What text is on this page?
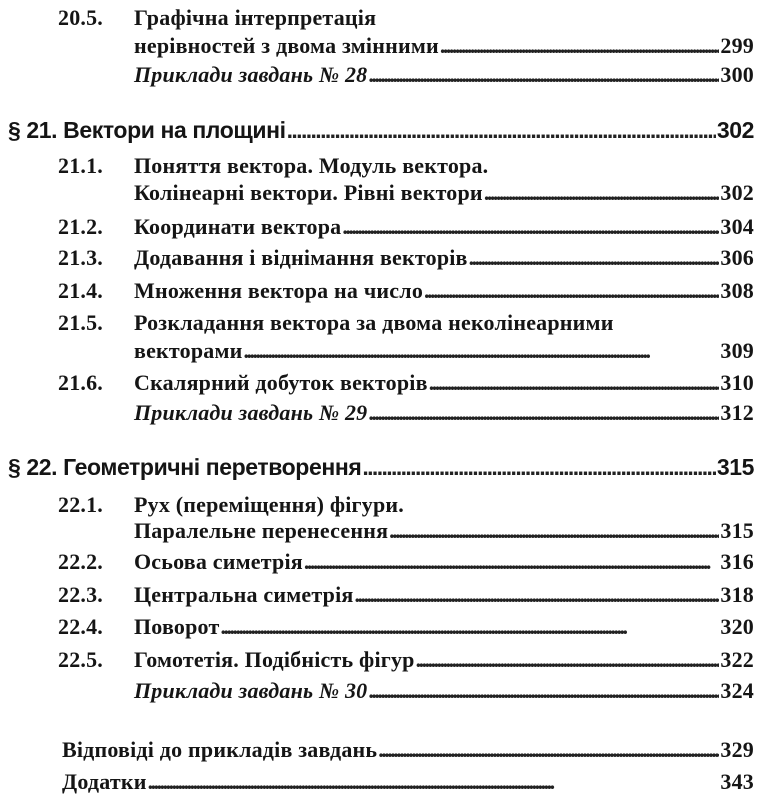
20.5. Графічна інтерпретація
нерівностей з двома змінними . . .	299
Приклади завдань № 28 . . .	300
§ 21. Вектори на площині . . .	302
21.1. Поняття вектора. Модуль вектора.
Колінеарні вектори. Рівні вектори . . .	302
21.2. Координати вектора . . .	304
21.3. Додавання і віднімання векторів . . .	306
21.4. Множення вектора на число . . .	308
21.5. Розкладання вектора за двома неколінеарними
векторами . . .	309
21.6. Скалярний добуток векторів . . .	310
Приклади завдань № 29 . . .	312
§ 22. Геометричні перетворення . . .	315
22.1. Рух (переміщення) фігури.
Паралельне перенесення . . .	315
22.2. Осьова симетрія . . .	316
22.3. Центральна симетрія . . .	318
22.4. Поворот . . .	320
22.5. Гомотетія. Подібність фігур . . .	322
Приклади завдань № 30 . . .	324
Відповіді до прикладів завдань . . .	329
Додатки . . .	343
